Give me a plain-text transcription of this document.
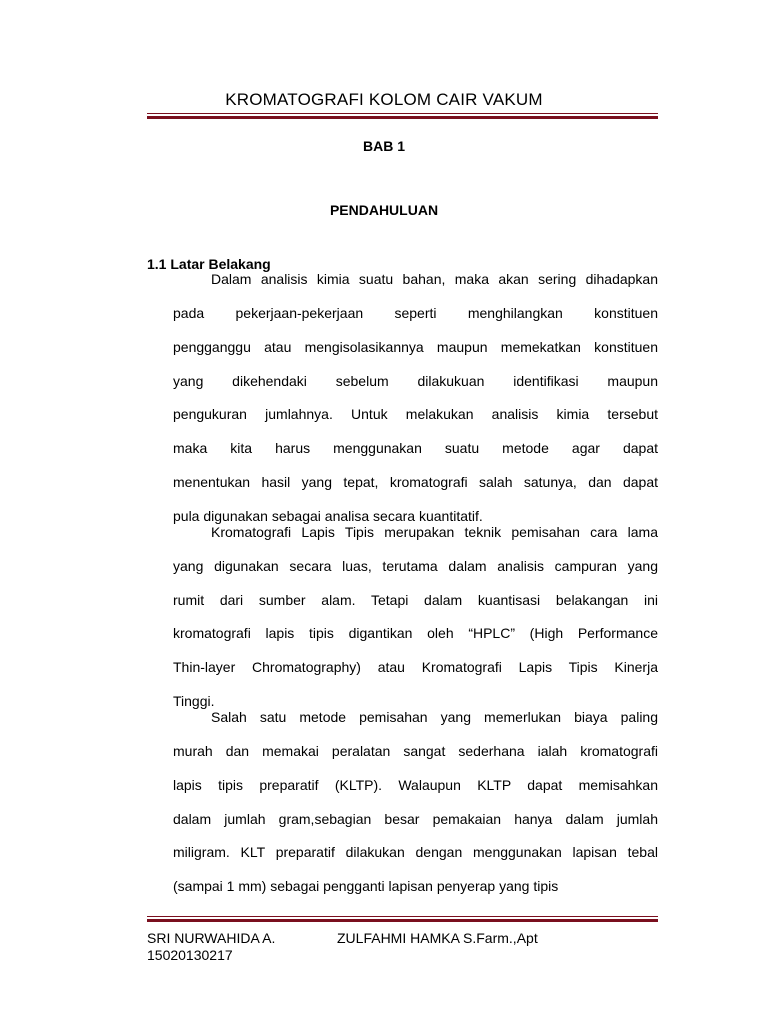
KROMATOGRAFI KOLOM CAIR VAKUM
BAB 1
PENDAHULUAN
1.1 Latar Belakang
Dalam analisis kimia suatu bahan, maka akan sering dihadapkan
pada pekerjaan-pekerjaan seperti menghilangkan konstituen
pengganggu atau mengisolasikannya maupun memekatkan konstituen
yang dikehendaki sebelum dilakukuan identifikasi maupun
pengukuran jumlahnya. Untuk melakukan analisis kimia tersebut
maka kita harus menggunakan suatu metode agar dapat
menentukan hasil yang tepat, kromatografi salah satunya, dan dapat
pula digunakan sebagai analisa secara kuantitatif.
Kromatografi Lapis Tipis merupakan teknik pemisahan cara lama
yang digunakan secara luas, terutama dalam analisis campuran yang
rumit dari sumber alam. Tetapi dalam kuantisasi belakangan ini
kromatografi lapis tipis digantikan oleh “HPLC” (High Performance
Thin-layer Chromatography) atau Kromatografi Lapis Tipis Kinerja
Tinggi.
Salah satu metode pemisahan yang memerlukan biaya paling
murah dan memakai peralatan sangat sederhana ialah kromatografi
lapis tipis preparatif (KLTP). Walaupun KLTP dapat memisahkan
dalam jumlah gram,sebagian besar pemakaian hanya dalam jumlah
miligram. KLT preparatif dilakukan dengan menggunakan lapisan tebal
(sampai 1 mm) sebagai pengganti lapisan penyerap yang tipis
SRI NURWAHIDA A.
15020130217
ZULFAHMI HAMKA S.Farm.,Apt
